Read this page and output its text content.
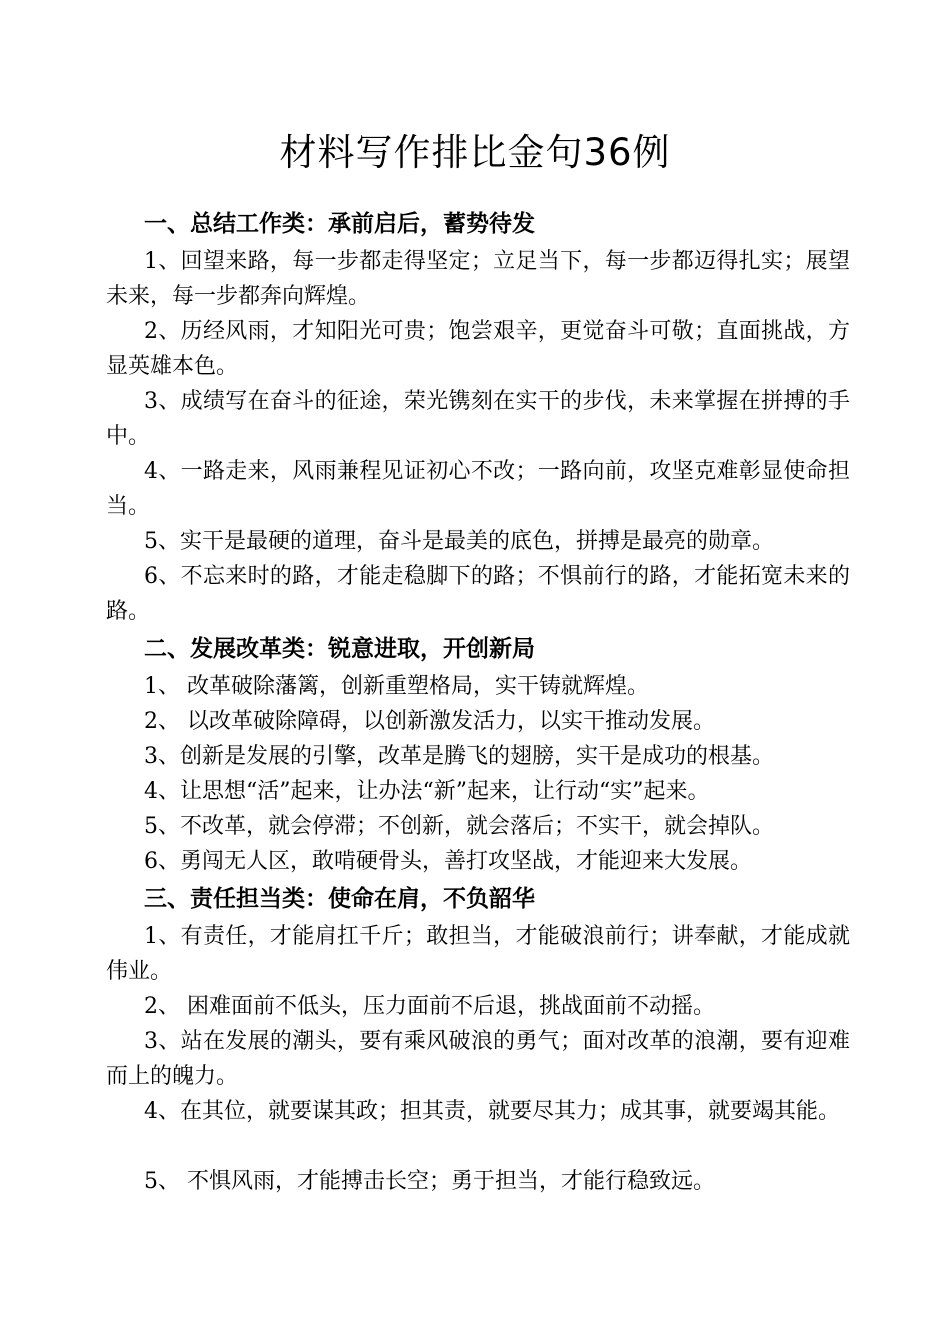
材料写作排比金句36例

一、总结工作类：承前启后，蓄势待发

1、回望来路，每一步都走得坚定；立足当下，每一步都迈得扎实；展望未来，每一步都奔向辉煌。

2、历经风雨，才知阳光可贵；饱尝艰辛，更觉奋斗可敬；直面挑战，方显英雄本色。

3、成绩写在奋斗的征途，荣光镌刻在实干的步伐，未来掌握在拼搏的手中。

4、一路走来，风雨兼程见证初心不改；一路向前，攻坚克难彰显使命担当。

5、实干是最硬的道理，奋斗是最美的底色，拼搏是最亮的勋章。

6、不忘来时的路，才能走稳脚下的路；不惧前行的路，才能拓宽未来的路。

二、发展改革类：锐意进取，开创新局

1、 改革破除藩篱，创新重塑格局，实干铸就辉煌。

2、 以改革破除障碍，以创新激发活力，以实干推动发展。

3、创新是发展的引擎，改革是腾飞的翅膀，实干是成功的根基。

4、让思想“活”起来，让办法“新”起来，让行动“实”起来。

5、不改革，就会停滞；不创新，就会落后；不实干，就会掉队。

6、勇闯无人区，敢啃硬骨头，善打攻坚战，才能迎来大发展。

三、责任担当类：使命在肩，不负韶华

1、有责任，才能肩扛千斤；敢担当，才能破浪前行；讲奉献，才能成就伟业。

2、 困难面前不低头，压力面前不后退，挑战面前不动摇。

3、站在发展的潮头，要有乘风破浪的勇气；面对改革的浪潮，要有迎难而上的魄力。

4、在其位，就要谋其政；担其责，就要尽其力；成其事，就要竭其能。

5、 不惧风雨，才能搏击长空；勇于担当，才能行稳致远。
